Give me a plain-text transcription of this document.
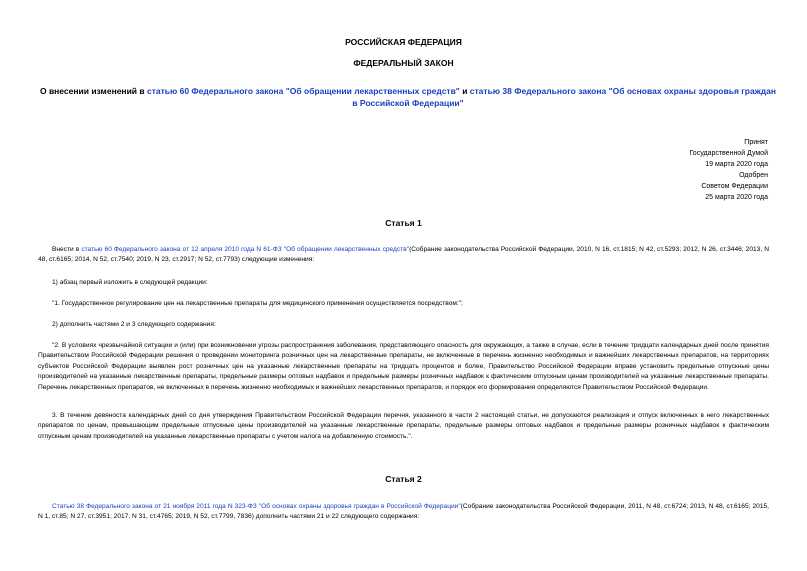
РОССИЙСКАЯ ФЕДЕРАЦИЯ
ФЕДЕРАЛЬНЫЙ ЗАКОН
О внесении изменений в статью 60 Федерального закона "Об обращении лекарственных средств" и статью 38 Федерального закона "Об основах охраны здоровья граждан в Российской Федерации"
Принят
Государственной Думой
19 марта 2020 года
Одобрен
Советом Федерации
25 марта 2020 года
Статья 1
Внести в статью 60 Федерального закона от 12 апреля 2010 года N 61-ФЗ "Об обращении лекарственных средств"(Собрание законодательства Российской Федерации, 2010, N 16, ст.1815; N 42, ст.5293; 2012, N 26, ст.3446; 2013, N 48, ст.6165; 2014, N 52, ст.7540; 2019, N 23, ст.2917; N 52, ст.7793) следующие изменения:
1) абзац первый изложить в следующей редакции:
"1. Государственное регулирование цен на лекарственные препараты для медицинского применения осуществляется посредством:";
2) дополнить частями 2 и 3 следующего содержания:
"2. В условиях чрезвычайной ситуации и (или) при возникновении угрозы распространения заболевания, представляющего опасность для окружающих, а также в случае, если в течение тридцати календарных дней после принятия Правительством Российской Федерации решения о проведении мониторинга розничных цен на лекарственные препараты, не включенные в перечень жизненно необходимых и важнейших лекарственных препаратов, на территориях субъектов Российской Федерации выявлен рост розничных цен на указанные лекарственные препараты на тридцать процентов и более, Правительство Российской Федерации вправе установить предельные отпускные цены производителей на указанные лекарственные препараты, предельные размеры оптовых надбавок и предельные размеры розничных надбавок к фактическим отпускным ценам производителей на указанные лекарственные препараты. Перечень лекарственных препаратов, не включенных в перечень жизненно необходимых и важнейших лекарственных препаратов, и порядок его формирования определяются Правительством Российской Федерации.
3. В течение девяноста календарных дней со дня утверждения Правительством Российской Федерации перечня, указанного в части 2 настоящей статьи, не допускаются реализация и отпуск включенных в него лекарственных препаратов по ценам, превышающим предельные отпускные цены производителей на указанные лекарственные препараты, предельные размеры оптовых надбавок и предельные размеры розничных надбавок к фактическим отпускным ценам производителей на указанные лекарственные препараты с учетом налога на добавленную стоимость.".
Статья 2
Статью 38 Федерального закона от 21 ноября 2011 года N 323-ФЗ "Об основах охраны здоровья граждан в Российской Федерации"(Собрание законодательства Российской Федерации, 2011, N 48, ст.6724; 2013, N 48, ст.6165; 2015, N 1, ст.85; N 27, ст.3951; 2017, N 31, ст.4765; 2019, N 52, ст.7799, 7836) дополнить частями 21 и 22 следующего содержания:
